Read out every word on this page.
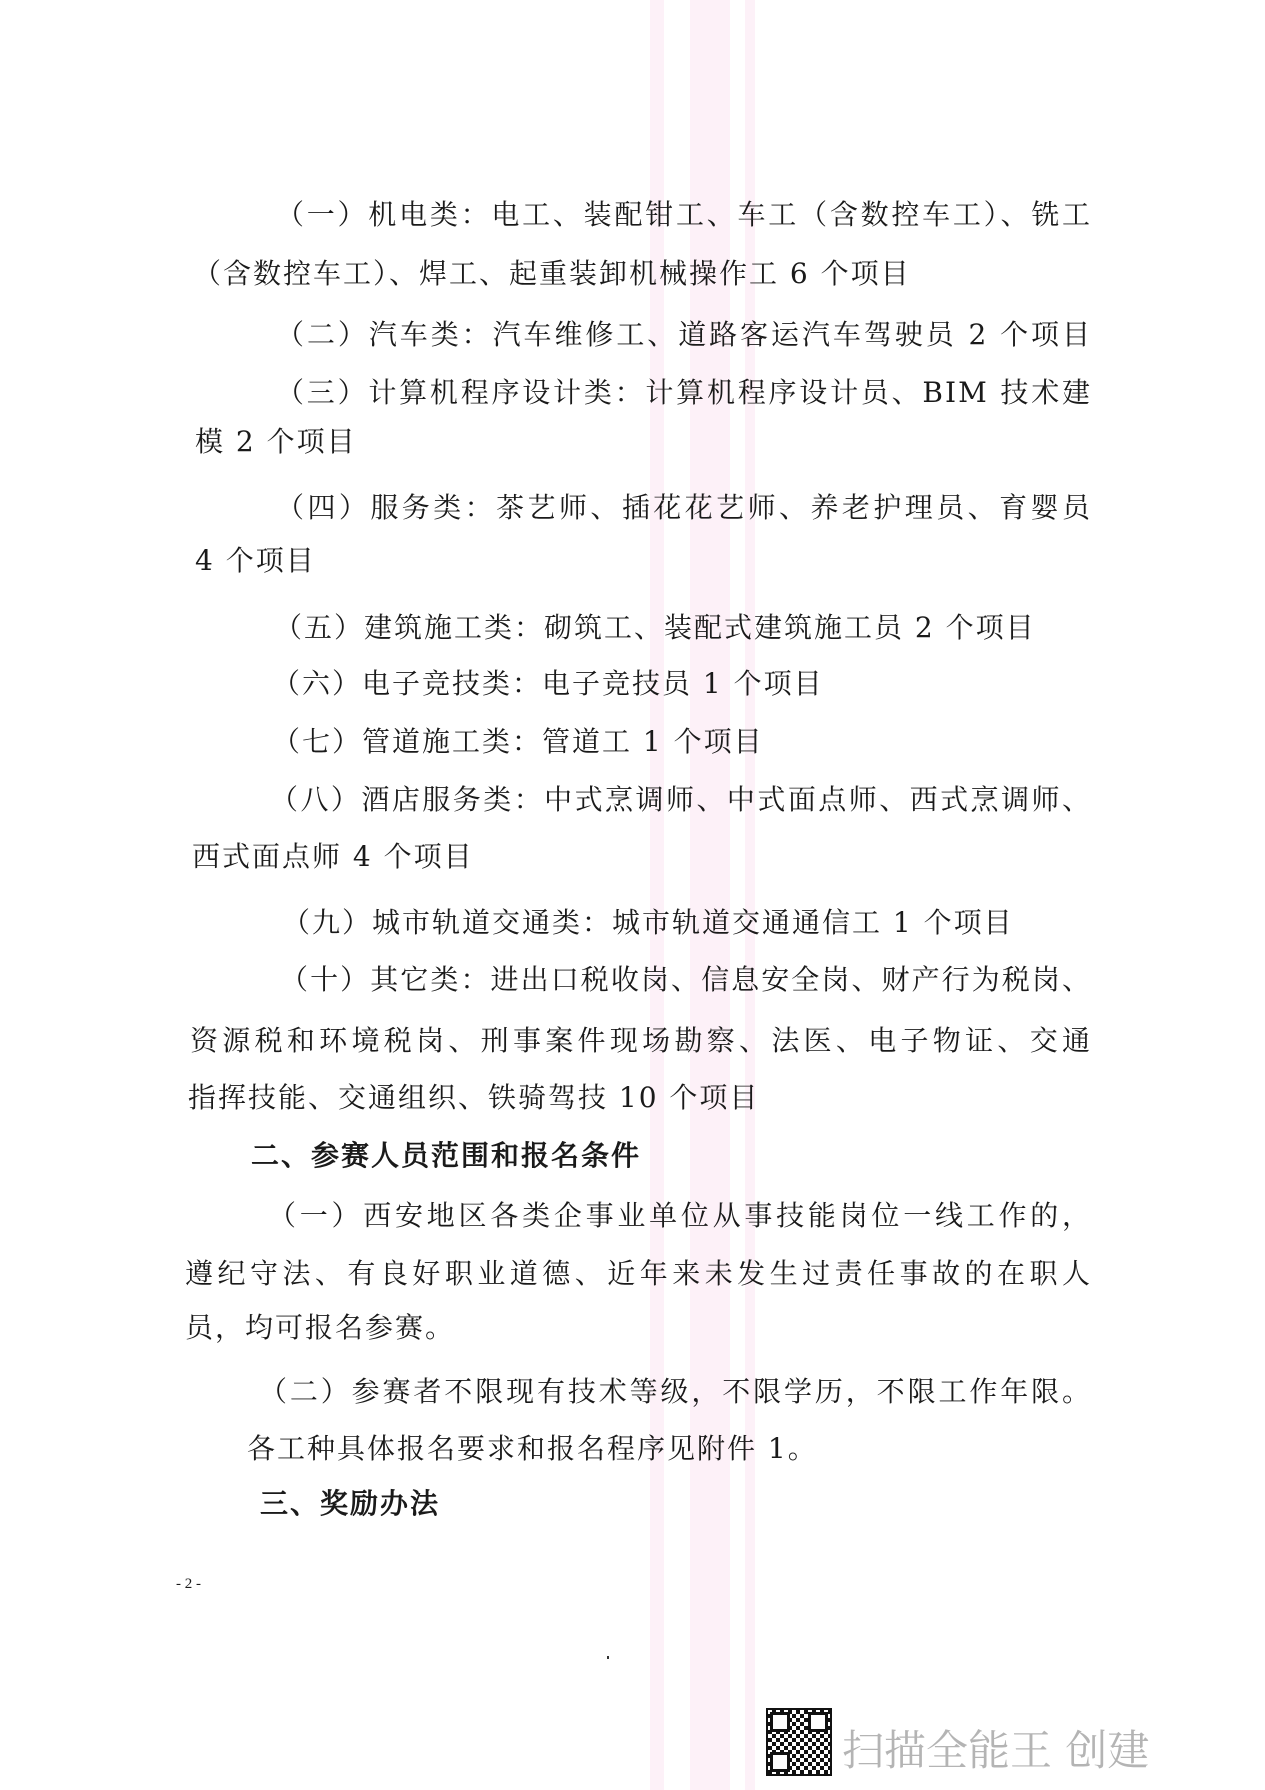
（一）机电类：电工、装配钳工、车工（含数控车工）、铣工
（含数控车工）、焊工、起重装卸机械操作工 6 个项目
（二）汽车类：汽车维修工、道路客运汽车驾驶员 2 个项目
（三）计算机程序设计类：计算机程序设计员、BIM 技术建
模 2 个项目
（四）服务类：茶艺师、插花花艺师、养老护理员、育婴员
4 个项目
（五）建筑施工类：砌筑工、装配式建筑施工员 2 个项目
（六）电子竞技类：电子竞技员 1 个项目
（七）管道施工类：管道工 1 个项目
（八）酒店服务类：中式烹调师、中式面点师、西式烹调师、
西式面点师 4 个项目
（九）城市轨道交通类：城市轨道交通通信工 1 个项目
（十）其它类：进出口税收岗、信息安全岗、财产行为税岗、
资源税和环境税岗、刑事案件现场勘察、法医、电子物证、交通
指挥技能、交通组织、铁骑驾技 10 个项目
二、参赛人员范围和报名条件
（一）西安地区各类企事业单位从事技能岗位一线工作的，
遵纪守法、有良好职业道德、近年来未发生过责任事故的在职人
员，均可报名参赛。
（二）参赛者不限现有技术等级，不限学历，不限工作年限。
各工种具体报名要求和报名程序见附件 1。
三、奖励办法
- 2 -
扫描全能王 创建
